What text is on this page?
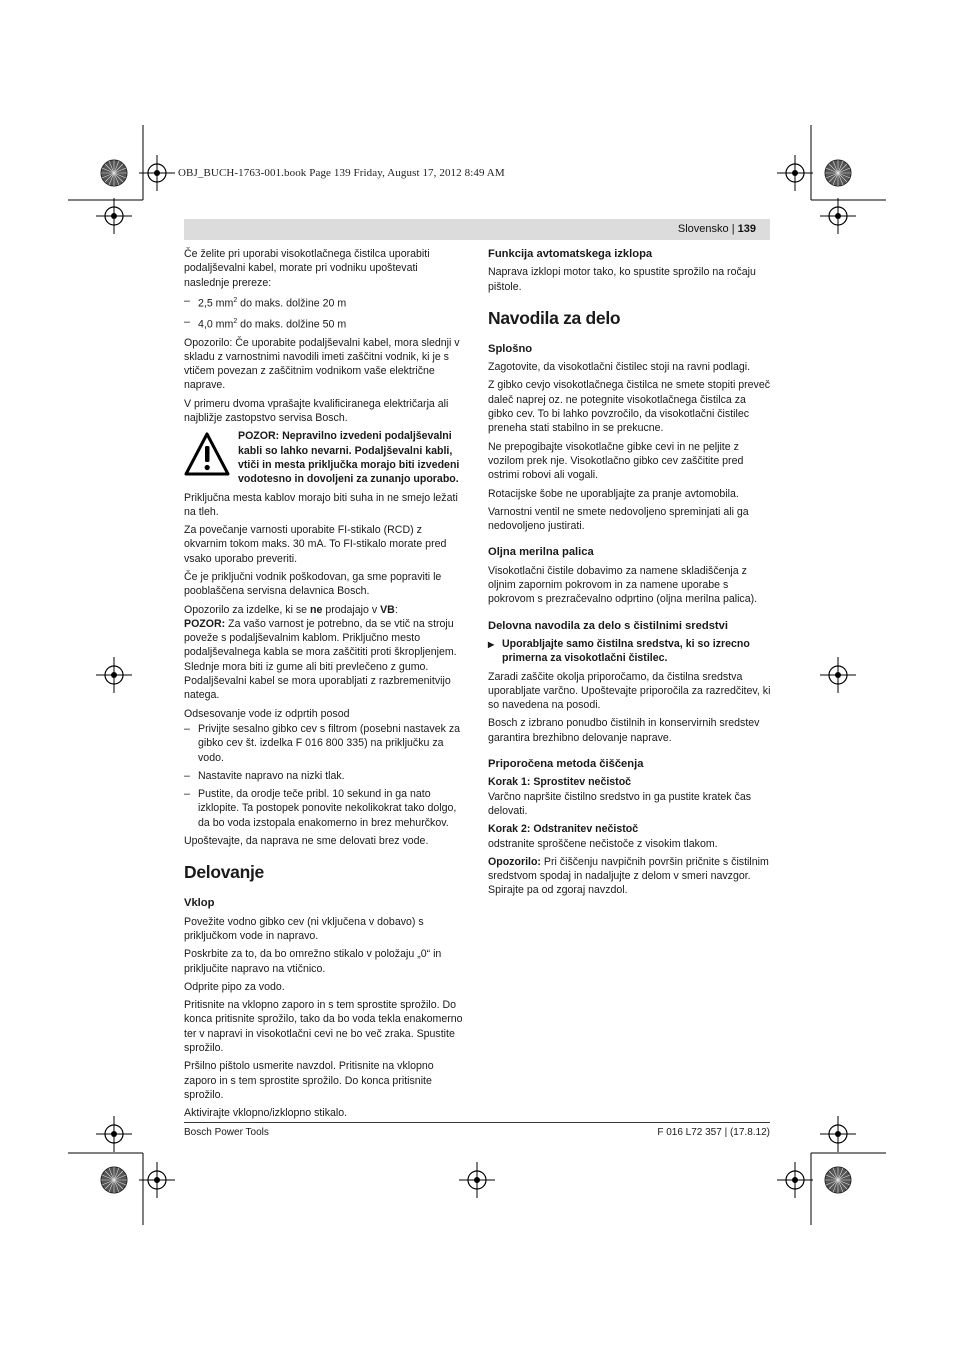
OBJ_BUCH-1763-001.book Page 139 Friday, August 17, 2012 8:49 AM
Slovensko | 139

Če želite pri uporabi visokotlačnega čistilca uporabiti podaljševalni kabel, morate pri vodniku upoštevati naslednje prereze:

– 2,5 $mm^2$ do maks. dolžine 20 m

– 4,0 $mm^2$ do maks. dolžine 50 m

Opozorilo: Če uporabite podaljševalni kabel, mora slednji v skladu z varnostnimi navodili imeti zaščitni vodnik, ki je s vtičem povezan z zaščitnim vodnikom vaše električne naprave.

V primeru dvoma vprašajte kvalificiranega električarja ali najbližje zastopstvo servisa Bosch.

POZOR: Nepravilno izvedeni podaljševalni kabli so lahko nevarni. Podaljševalni kabli, vtiči in mesta priključka morajo biti izvedeni vodotesno in dovoljeni za zunanjo uporabo.

Priključna mesta kablov morajo biti suha in ne smejo ležati na tleh.

Za povečanje varnosti uporabite FI-stikalo (RCD) z okvarnim tokom maks. 30 mA. To FI-stikalo morate pred vsako uporabo preveriti.

Če je priključni vodnik poškodovan, ga sme popraviti le pooblaščena servisna delavnica Bosch.

Opozorilo za izdelke, ki se ne prodajajo v VB:

POZOR: Za vašo varnost je potrebno, da se vtič na stroju poveže s podaljševalnim kablom. Priključno mesto podaljševalnega kabla se mora zaščititi proti škropljenjem. Slednje mora biti iz gume ali biti prevlečeno z gumo. Podaljševalni kabel se mora uporabljati z razbremenitvijo natega.

Odsesovanje vode iz odprtih posod

– Privijte sesalno gibko cev s filtrom (posebni nastavek za gibko cev št. izdelka F 016 800 335) na priključku za vodo.

– Nastavite napravo na nizki tlak.

– Pustite, da orodje teče pribl. 10 sekund in ga nato izklopite. Ta postopek ponovite nekolikokrat tako dolgo, da bo voda izstopala enakomerno in brez mehurčkov.

Upoštevajte, da naprava ne sme delovati brez vode.

Delovanje
Vklop

Povežite vodno gibko cev (ni vključena v dobavo) s priključkom vode in napravo.

Poskrbite za to, da bo omrežno stikalo v položaju „0“ in priključite napravo na vtičnico.

Odprite pipo za vodo.

Pritisnite na vklopno zaporo in s tem sprostite sprožilo. Do konca pritisnite sprožilo, tako da bo voda tekla enakomerno ter v napravi in visokotlačni cevi ne bo več zraka. Spustite sprožilo.

Pršilno pištolo usmerite navzdol. Pritisnite na vklopno zaporo in s tem sprostite sprožilo. Do konca pritisnite sprožilo.

Aktivirajte vklopno/izklopno stikalo.

Funkcija avtomatskega izklopa

Naprava izklopi motor tako, ko spustite sprožilo na ročaju pištole.

Navodila za delo
Splošno

Zagotovite, da visokotlačni čistilec stoji na ravni podlagi.

Z gibko cevjo visokotlačnega čistilca ne smete stopiti prevеč daleč naprej oz. ne potegnite visokotlačnega čistilca za gibko cev. To bi lahko povzročilo, da visokotlačni čistilec preneha stati stabilno in se prekucne.

Ne prepogibajte visokotlačne gibke cevi in ne peljite z vozilom prek nje. Visokotlačno gibko cev zaščitite pred ostrimi robovi ali vogali.

Rotacijske šobe ne uporabljajte za pranje avtomobila.

Varnostni ventil ne smete nedovoljeno spreminjati ali ga nedovoljeno justirati.

Oljna merilna palica

Visokotlačni čistile dobavimo za namene skladiščenja z oljnim zapornim pokrovom in za namene uporabe s pokrovom s prezračevalno odprtino (oljna merilna palica).

Delovna navodila za delo s čistilnimi sredstvi

▶ Uporabljajte samo čistilna sredstva, ki so izrecno primerna za visokotlačni čistilec.

Zaradi zaščite okolja priporočamo, da čistilna sredstva uporabljate varčno. Upoštevajte priporočila za razredčitev, ki so navedena na posodi.

Bosch z izbrano ponudbo čistilnih in konservirnih sredstev garantira brezhibno delovanje naprave.

Priporočena metoda čiščenja
Korak 1: Sprostitev nečistoč

Varčno napršite čistilno sredstvo in ga pustite kratek čas delovati.

Korak 2: Odstranitev nečistoč

odstranite sproščene nečistoče z visokim tlakom.

Opozorilo: Pri čiščenju navpičnih površin pričnite s čistilnim sredstvom spodaj in nadaljujte z delom v smeri navzgor. Spirajte pa od zgoraj navzdol.

Bosch Power Tools	F 016 L72 357 | (17.8.12)
